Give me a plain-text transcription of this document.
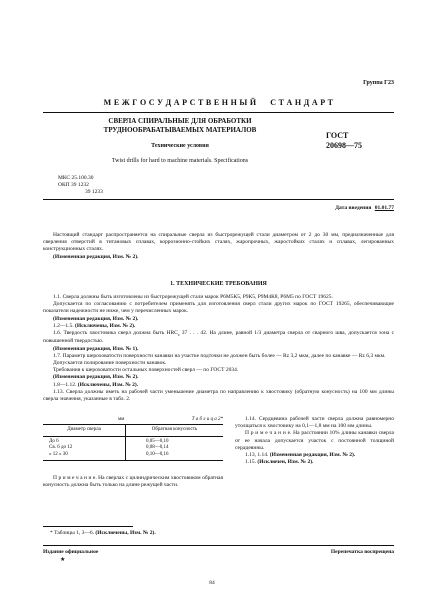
Группа Г23
М Е Ж Г О С У Д А Р С Т В Е Н Н Ы Й      С Т А Н Д А Р Т
СВЕРЛА СПИРАЛЬНЫЕ ДЛЯ ОБРАБОТКИ
ТРУДНООБРАБАТЫВАЕМЫХ МАТЕРИАЛОВ
Технические условия
Twist drills for hard to machine materials. Specifications
ГОСТ
20698—75
МКС 25.100.30
ОКП 39 1232
39 1233
Дата введения 01.01.77

Настоящий стандарт распространяется на спиральные сверла из быстрорежущей стали диаметром от 2 до 30 мм, предназначенные для сверления отверстий в титановых сплавах, коррозионно-стойких сталях, жаропрочных, жаростойких сталях и сплавах, легированных конструкционных сталях.

(Измененная редакция, Изм. № 2).

1. ТЕХНИЧЕСКИЕ ТРЕБОВАНИЯ

1.1. Сверла должны быть изготовлены из быстрорежущей стали марок Р6М5К5, Р9К5, Р9М4К8, Р6М5 по ГОСТ 19625.

Допускается по согласованию с потребителем применять для изготовления сверл стали других марок по ГОСТ 19265, обеспечивающие показатели надежности не ниже, чем у перечисленных марок.

(Измененная редакция, Изм. № 2).

1.2—1.5. (Исключены, Изм. № 2).

1.6. Твердость хвостовика сверл должна быть $HRC_э$ 37 . . . 42. На длине, равной 1/3 диаметра сверла от сварного шва, допускается зона с повышенной твердостью.

(Измененная редакция, Изм. № 1).

1.7. Параметр шероховатости поверхности канавки на участке подточки не должен быть более — Rz 3,2 мкм, далее по канавке — Rz 6,3 мкм.

Допускается полирование поверхности канавок.

Требования к шероховатости остальных поверхностей сверл — по ГОСТ 2034.

(Измененная редакция, Изм. № 2).

1.8—1.12. (Исключены, Изм. № 2).

1.13. Сверла должны иметь на рабочей части уменьшение диаметра по направлению к хвостовику (обратную конусность) на 100 мм длины сверла значения, указанные в табл. 2.

мм	Т а б л и ц а 2*
Диаметр сверла	Обратная конусность
До 6	0,05—0,10
Св. 6 до 12	0,08—0,14
» 12 » 30	0,10—0,16

П р и м е ч а н и е. На сверлах с цилиндрическим хвостовиком обратная конусность должна быть только на длине режущей части.

1.14. Сердцевина рабочей части сверла должна равномерно утолщаться к хвостовику на 0,1—1,8 мм на 100 мм длины.

П р и м е ч а н и е. На расстоянии 10% длины канавки сверла от ее начала допускается участок с постоянной толщиной сердцевины.

1.13, 1.14. (Измененная редакция, Изм. № 2).

1.15. (Исключен, Изм. № 2).

* Таблицы 1, 3—6. (Исключены, Изм. № 2).
Издание официальное	Перепечатка воспрещена
★
84
